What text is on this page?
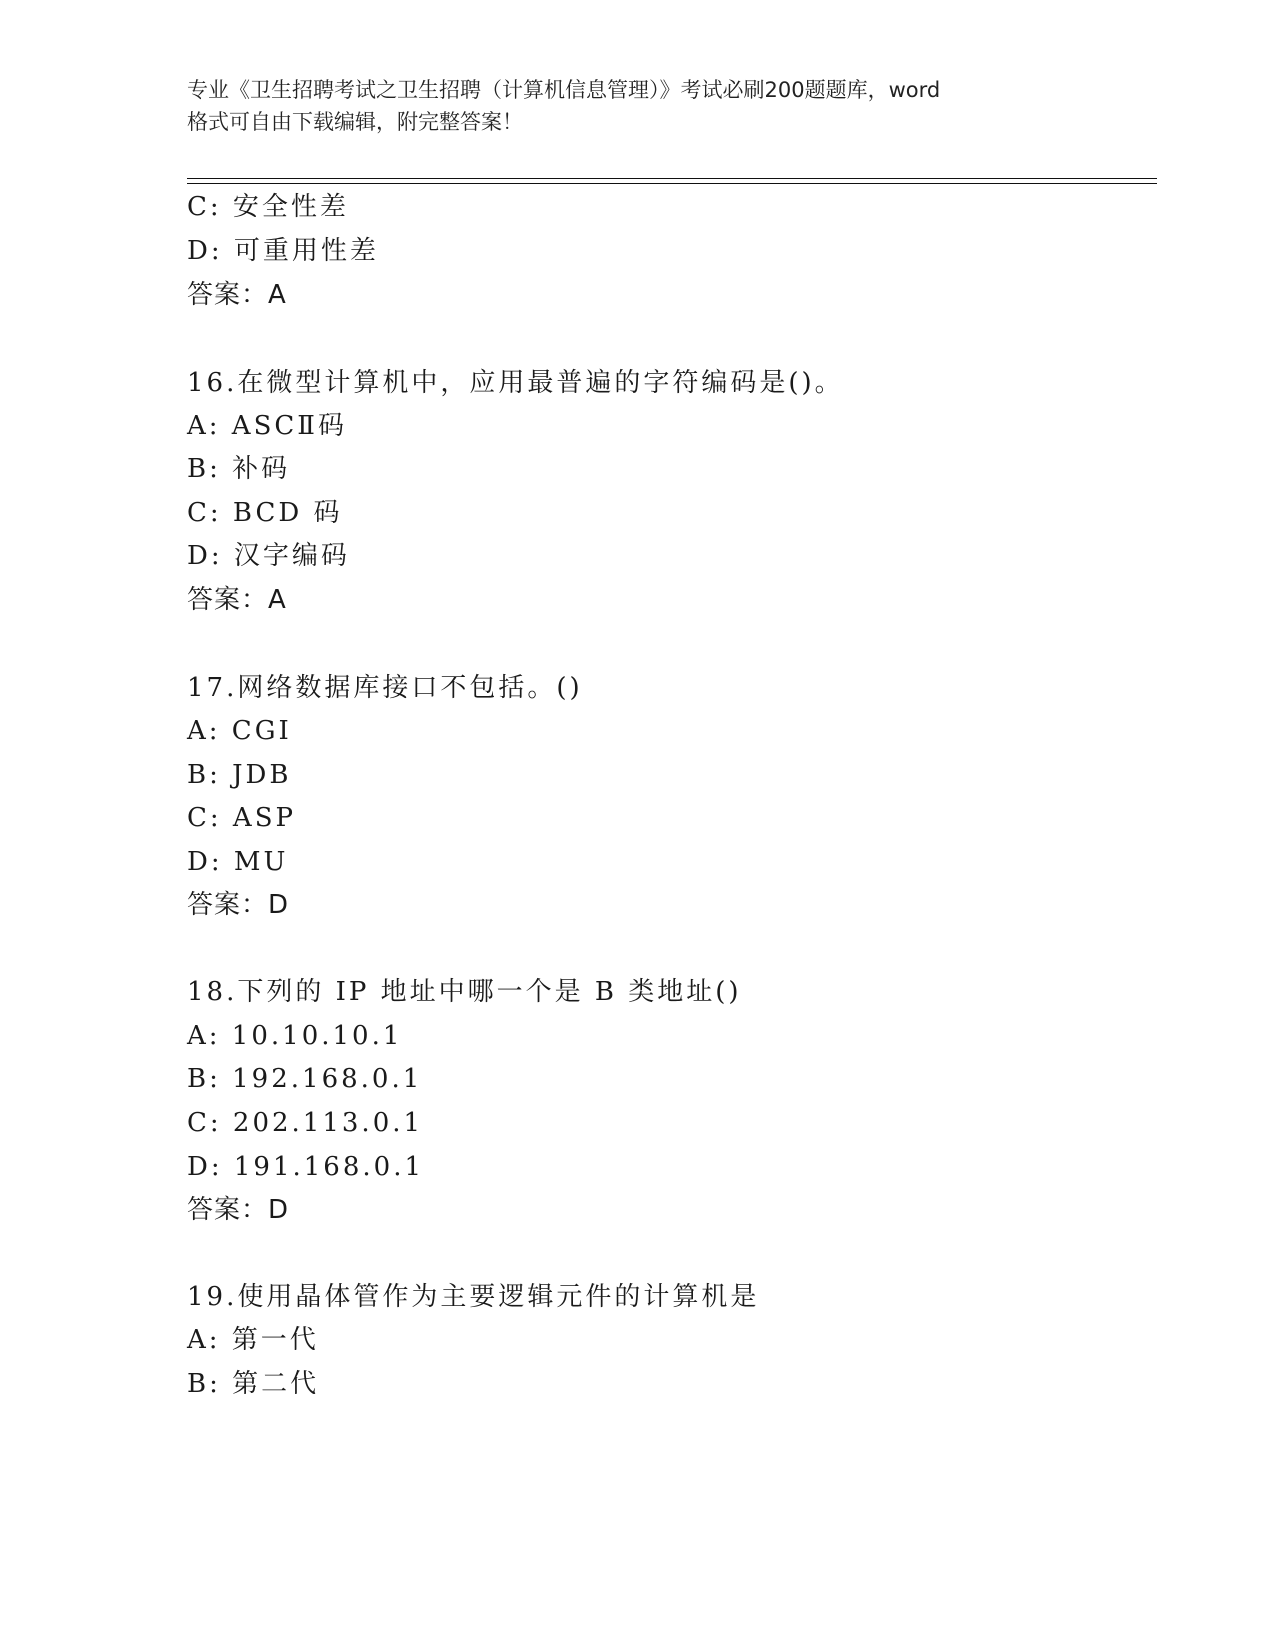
专业《卫生招聘考试之卫生招聘（计算机信息管理）》考试必刷200题题库，word
格式可自由下载编辑，附完整答案！
C: 安全性差
D: 可重用性差
答案：A
16.在微型计算机中，应用最普遍的字符编码是()。
A: ASCⅡ码
B: 补码
C: BCD 码
D: 汉字编码
答案：A
17.网络数据库接口不包括。()
A: CGI
B: JDB
C: ASP
D: MU
答案：D
18.下列的 IP 地址中哪一个是 B 类地址()
A: 10.10.10.1
B: 192.168.0.1
C: 202.113.0.1
D: 191.168.0.1
答案：D
19.使用晶体管作为主要逻辑元件的计算机是
A: 第一代
B: 第二代
